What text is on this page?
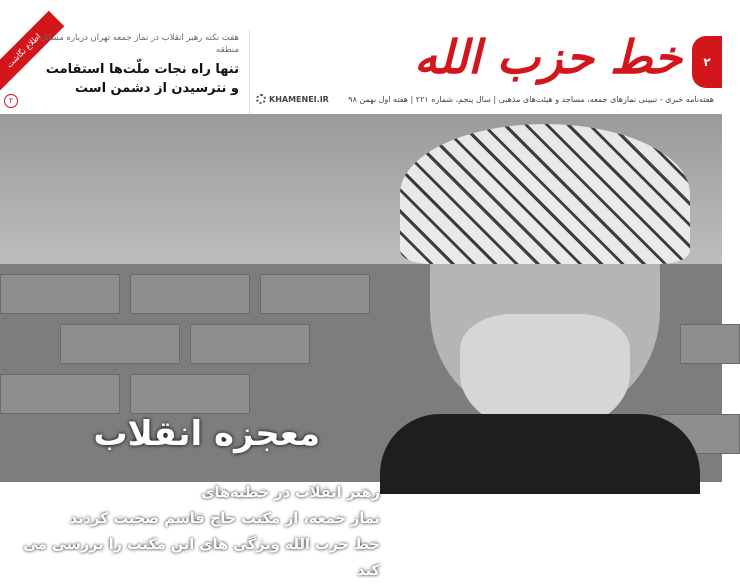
اطلاع نگاشت
هفت نکته رهبر انقلاب در نماز جمعه تهران درباره مسائل منطقه
تنها راه نجات ملّت‌ها استقامت
و نترسیدن از دشمن است
۲
خط حزب الله	۲
KHAMENEI.IR	هفته‌نامه خبری - تبیینی نمازهای جمعه، مساجد و هیئت‌های مذهبی | سال پنجم، شماره ۲۲۱ | هفته اول بهمن ۹۸
معجزه انقلاب
رهبر انقلاب در خطبه‌های
نماز جمعه، از مکتب حاج قاسم صحبت کردند
خط حزب الله ویژگی های این مکتب را بررسی می کند
